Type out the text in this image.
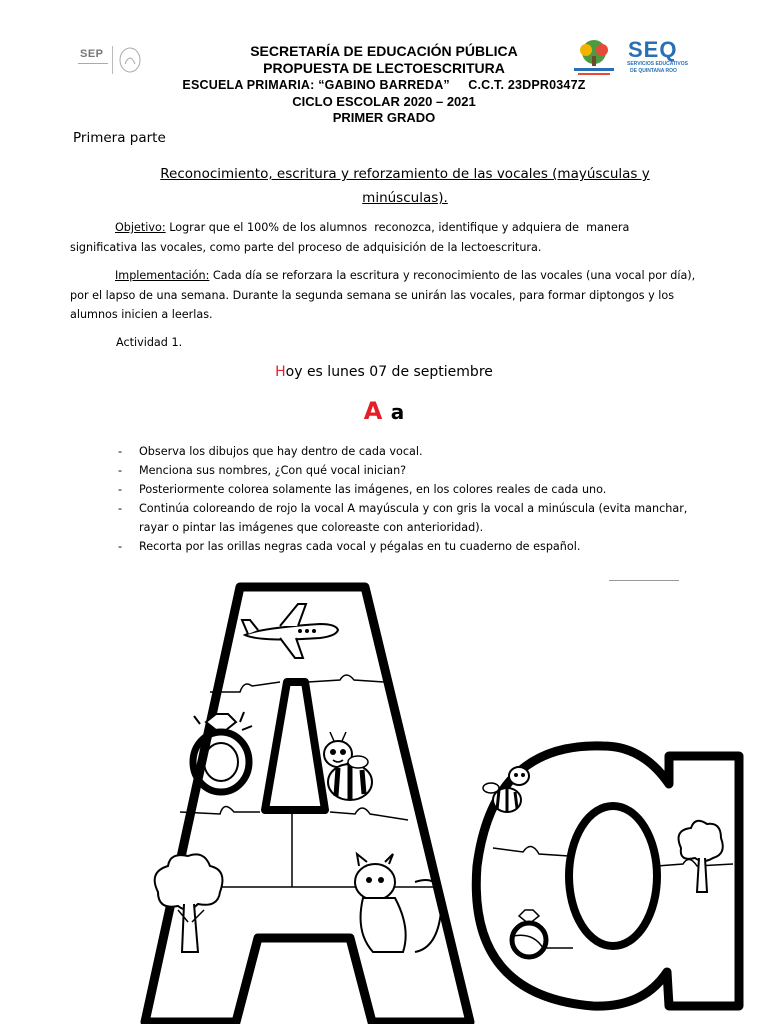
SEP	SEQ
SERVICIOS EDUCATIVOS
DE QUINTANA ROO
SECRETARÍA DE EDUCACIÓN PÚBLICA
PROPUESTA DE LECTOESCRITURA
ESCUELA PRIMARIA: “GABINO BARREDA”     C.C.T. 23DPR0347Z
CICLO ESCOLAR 2020 – 2021
PRIMER GRADO
Primera parte
Reconocimiento, escritura y reforzamiento de las vocales (mayúsculas y
minúsculas).
Objetivo: Lograr que el 100% de los alumnos  reconozca, identifique y adquiera de  manera
significativa las vocales, como parte del proceso de adquisición de la lectoescritura.
Implementación: Cada día se reforzara la escritura y reconocimiento de las vocales (una vocal por día),
por el lapso de una semana. Durante la segunda semana se unirán las vocales, para formar diptongos y los
alumnos inicien a leerlas.
Actividad 1.
Hoy es lunes 07 de septiembre
A a
- Observa los dibujos que hay dentro de cada vocal.
- Menciona sus nombres, ¿Con qué vocal inician?
- Posteriormente colorea solamente las imágenes, en los colores reales de cada uno.
- Continúa coloreando de rojo la vocal A mayúscula y con gris la vocal a minúscula (evita manchar,
rayar o pintar las imágenes que coloreaste con anterioridad).
- Recorta por las orillas negras cada vocal y pégalas en tu cuaderno de español.
